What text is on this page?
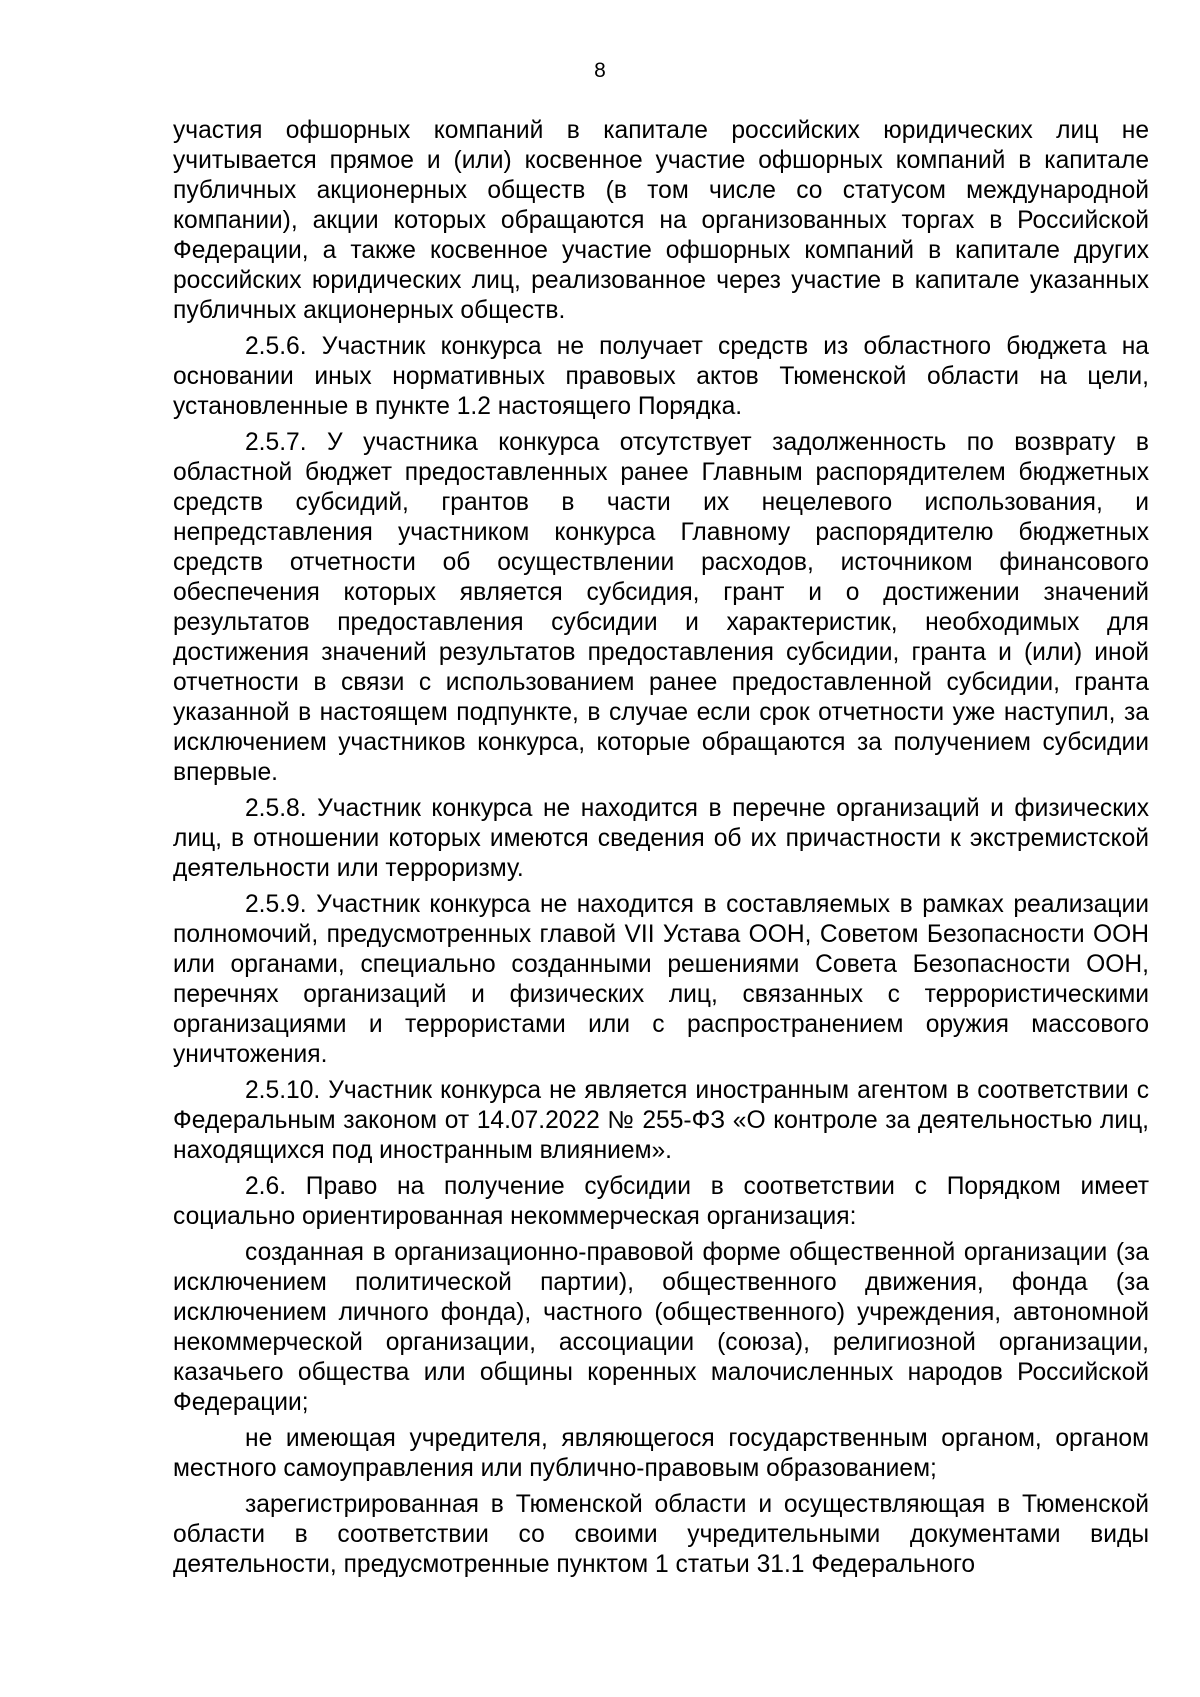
8

участия офшорных компаний в капитале российских юридических лиц не учитывается прямое и (или) косвенное участие офшорных компаний в капитале публичных акционерных обществ (в том числе со статусом международной компании), акции которых обращаются на организованных торгах в Российской Федерации, а также косвенное участие офшорных компаний в капитале других российских юридических лиц, реализованное через участие в капитале указанных публичных акционерных обществ.

2.5.6. Участник конкурса не получает средств из областного бюджета на основании иных нормативных правовых актов Тюменской области на цели, установленные в пункте 1.2 настоящего Порядка.

2.5.7. У участника конкурса отсутствует задолженность по возврату в областной бюджет предоставленных ранее Главным распорядителем бюджетных средств субсидий, грантов в части их нецелевого использования, и непредставления участником конкурса Главному распорядителю бюджетных средств отчетности об осуществлении расходов, источником финансового обеспечения которых является субсидия, грант и о достижении значений результатов предоставления субсидии и характеристик, необходимых для достижения значений результатов предоставления субсидии, гранта и (или) иной отчетности в связи с использованием ранее предоставленной субсидии, гранта указанной в настоящем подпункте, в случае если срок отчетности уже наступил, за исключением участников конкурса, которые обращаются за получением субсидии впервые.

2.5.8. Участник конкурса не находится в перечне организаций и физических лиц, в отношении которых имеются сведения об их причастности к экстремистской деятельности или терроризму.

2.5.9. Участник конкурса не находится в составляемых в рамках реализации полномочий, предусмотренных главой VII Устава ООН, Советом Безопасности ООН или органами, специально созданными решениями Совета Безопасности ООН, перечнях организаций и физических лиц, связанных с террористическими организациями и террористами или с распространением оружия массового уничтожения.

2.5.10. Участник конкурса не является иностранным агентом в соответствии с Федеральным законом от 14.07.2022 № 255-ФЗ «О контроле за деятельностью лиц, находящихся под иностранным влиянием».

2.6. Право на получение субсидии в соответствии с Порядком имеет социально ориентированная некоммерческая организация:

созданная в организационно-правовой форме общественной организации (за исключением политической партии), общественного движения, фонда (за исключением личного фонда), частного (общественного) учреждения, автономной некоммерческой организации, ассоциации (союза), религиозной организации, казачьего общества или общины коренных малочисленных народов Российской Федерации;

не имеющая учредителя, являющегося государственным органом, органом местного самоуправления или публично-правовым образованием;

зарегистрированная в Тюменской области и осуществляющая в Тюменской области в соответствии со своими учредительными документами виды деятельности, предусмотренные пунктом 1 статьи 31.1 Федерального
